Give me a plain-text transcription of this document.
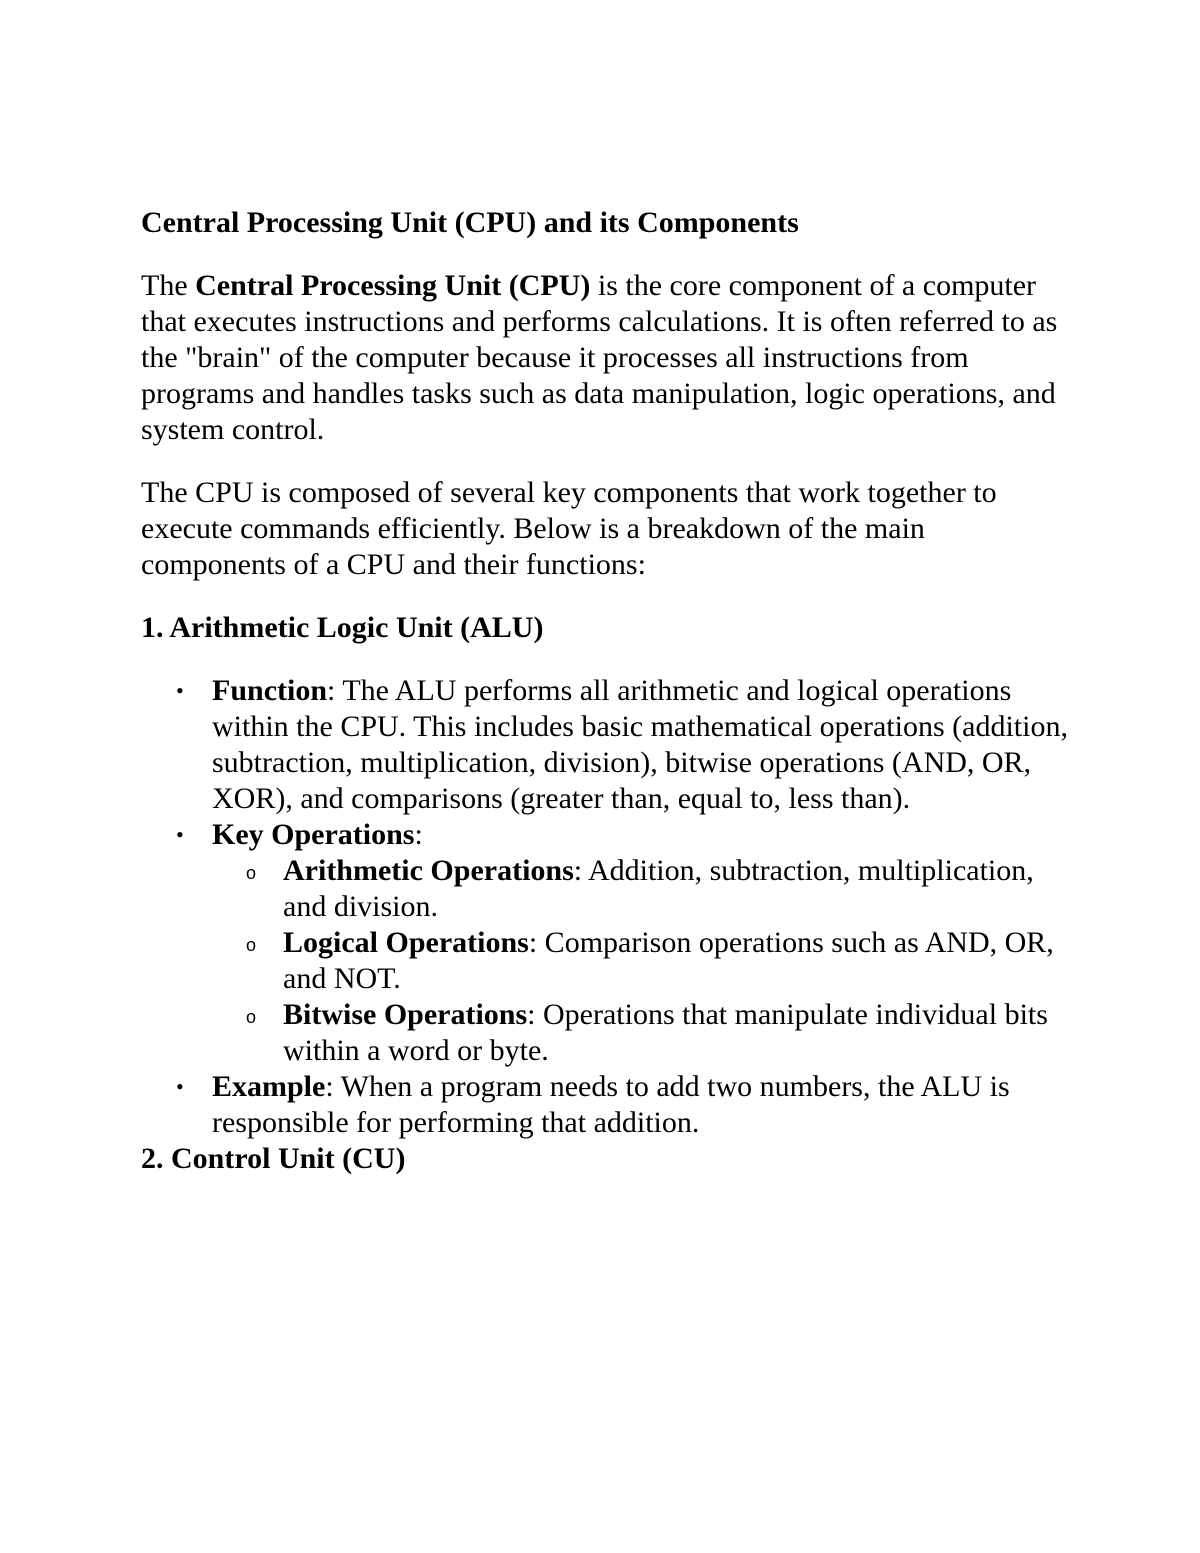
Central Processing Unit (CPU) and its Components

The Central Processing Unit (CPU) is the core component of a computer that executes instructions and performs calculations. It is often referred to as the "brain" of the computer because it processes all instructions from programs and handles tasks such as data manipulation, logic operations, and system control.

The CPU is composed of several key components that work together to execute commands efficiently. Below is a breakdown of the main components of a CPU and their functions:

1. Arithmetic Logic Unit (ALU)
• Function: The ALU performs all arithmetic and logical operations within the CPU. This includes basic mathematical operations (addition, subtraction, multiplication, division), bitwise operations (AND, OR, XOR), and comparisons (greater than, equal to, less than).
• Key Operations:
o Arithmetic Operations: Addition, subtraction, multiplication, and division.
o Logical Operations: Comparison operations such as AND, OR, and NOT.
o Bitwise Operations: Operations that manipulate individual bits within a word or byte.
• Example: When a program needs to add two numbers, the ALU is responsible for performing that addition.
2. Control Unit (CU)
